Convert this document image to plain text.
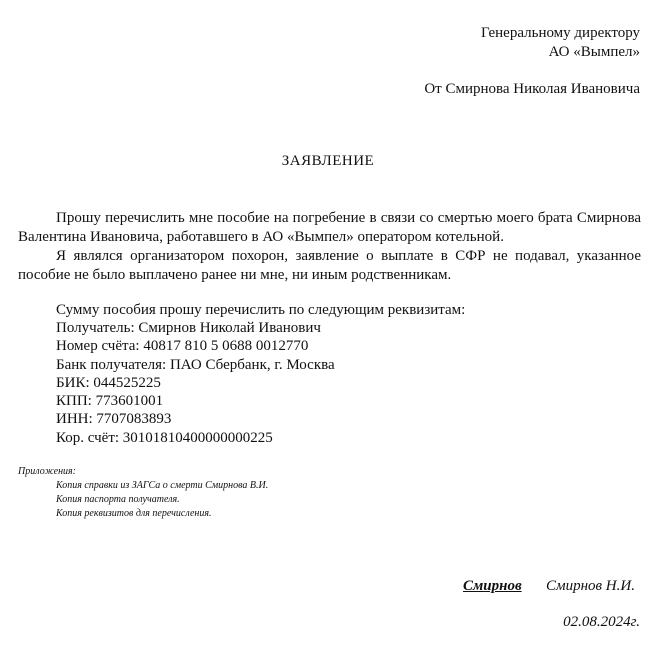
Генеральному директору
АО «Вымпел»
От Смирнова Николая Ивановича
ЗАЯВЛЕНИЕ
Прошу перечислить мне пособие на погребение в связи со смертью моего брата Смирнова Валентина Ивановича, работавшего в АО «Вымпел» оператором котельной.
Я являлся организатором похорон, заявление о выплате в СФР не подавал, указанное пособие не было выплачено ранее ни мне, ни иным родственникам.
Сумму пособия прошу перечислить по следующим реквизитам:
Получатель: Смирнов Николай Иванович
Номер счёта: 40817 810 5 0688 0012770
Банк получателя: ПАО Сбербанк, г. Москва
БИК: 044525225
КПП: 773601001
ИНН: 7707083893
Кор. счёт: 30101810400000000225
Приложения:
Копия справки из ЗАГСа о смерти Смирнова В.И.
Копия паспорта получателя.
Копия реквизитов для перечисления.
Смирнов Смирнов Н.И.
02.08.2024г.
